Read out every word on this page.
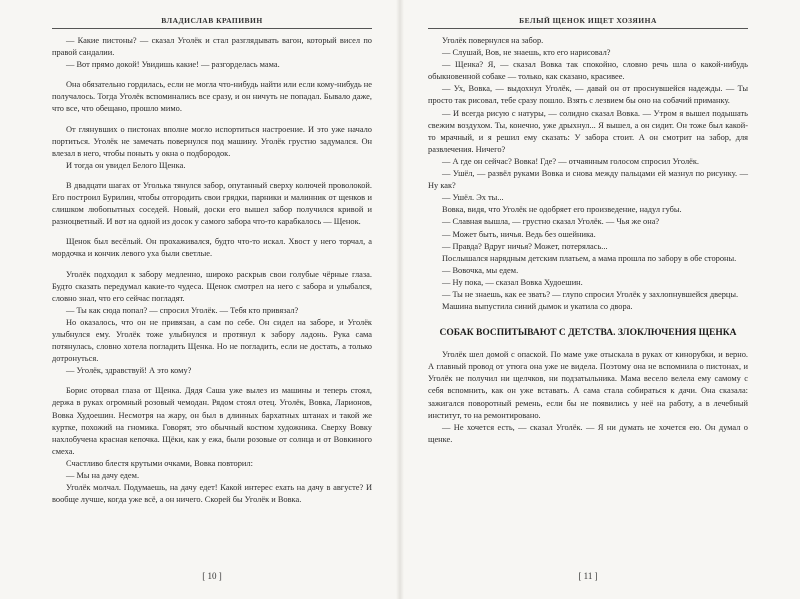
ВЛАДИСЛАВ КРАПИВИН

— Какие пистоны? — сказал Уголёк и стал разглядывать вагон, который висел по правой сандалии.

— Вот прямо докой! Увидишь какие! — разгорделась мама.

Она обязательно гордилась, если не могла что-нибудь найти или если кому-нибудь не получалось. Тогда Уголёк вспоминались все сразу, и он ничуть не попадал. Бывало даже, что все, что обещано, прошло мимо.

От глянувших о пистонах вполне могло испортиться настроение. И это уже начало портиться. Уголёк не замечать повернулся под машину. Уголёк грустно задумался. Он влезал в него, чтобы поныть у окна о подбородок.

И тогда он увидел Белого Щенка.

В двадцати шагах от Уголька тянулся забор, опутанный сверху колючей проволокой. Его построил Бурилин, чтобы отгородить свои грядки, парники и малинник от щенков и слишком любопытных соседей. Новый, доски его вышел забор получился кривой и разноцветный. И вот на одной из досок у самого забора что-то карабкалось — Щенок.

Щенок был весёлый. Он прохаживался, будто что-то искал. Хвост у него торчал, а мордочка и кончик левого уха были светлые.

Уголёк подходил к забору медленно, широко раскрыв свои голубые чёрные глаза. Будто сказать передумал какие-то чудеса. Щенок смотрел на него с забора и улыбался, словно знал, что его сейчас погладят.

— Ты как сюда попал? — спросил Уголёк. — Тебя кто привязал?

Но оказалось, что он не привязан, а сам по себе. Он сидел на заборе, и Уголёк улыбнулся ему. Уголёк тоже улыбнулся и протянул к забору ладонь. Рука сама потянулась, словно хотела погладить Щенка. Но не погладить, если не достать, а только дотронуться.

— Уголёк, здравствуй! А это кому?

Борис оторвал глаза от Щенка. Дядя Саша уже вылез из машины и теперь стоял, держа в руках огромный розовый чемодан. Рядом стоял отец. Уголёк, Вовка, Ларионов, Вовка Худоешин. Несмотря на жару, он был в длинных бархатных штанах и такой же куртке, похожий на гномика. Говорят, это обычный костюм художника. Сверху Вовку нахлобучена красная кепочка. Щёки, как у ежа, были розовые от солнца и от Вовкиного смеха.

Счастливо блестя крутыми очками, Вовка повторил:

— Мы на дачу едем.

Уголёк молчал. Подумаешь, на дачу едет! Какой интерес ехать на дачу в августе? И вообще лучше, когда уже всё, а он ничего. Скорей бы Уголёк и Вовка.

[ 10 ]
БЕЛЫЙ ЩЕНОК ИЩЕТ ХОЗЯИНА

Уголёк повернулся на забор.

— Слушай, Вов, не знаешь, кто его нарисовал?

— Щенка? Я, — сказал Вовка так спокойно, словно речь шла о какой-нибудь обыкновенной собаке — только, как сказано, красивее.

— Ух, Вовка, — выдохнул Уголёк, — давай он от проснувшейся надежды. — Ты просто так рисовал, тебе сразу пошло. Взять с лезвием бы оно на собачий приманку.

— И всегда рисую с натуры, — солидно сказал Вовка. — Утром я вышел подышать свежим воздухом. Ты, конечно, уже дрыхнул... Я вышел, а он сидит. Он тоже был какой-то мрачный, и я решил ему сказать: У забора стоит. А он смотрит на забор, для развлечения. Ничего?

— А где он сейчас? Вовка! Где? — отчаянным голосом спросил Уголёк.

— Ушёл, — развёл руками Вовка и снова между пальцами ей мазнул по рисунку. — Ну как?

— Ушёл. Эх ты...

Вовка, видя, что Уголёк не одобряет его произведение, надул губы.

— Славная вышла, — грустно сказал Уголёк. — Чья же она?

— Может быть, ничья. Ведь без ошейника.

— Правда? Вдруг ничья? Может, потерялась...

Послышался нарядным детским платьем, а мама прошла по забору в обе стороны.

— Вовочка, мы едем.

— Ну пока, — сказал Вовка Худоешин.

— Ты не знаешь, как ее звать? — глупо спросил Уголёк у захлопнувшейся дверцы.

Машина выпустила синий дымок и укатила со двора.

СОБАК ВОСПИТЫВАЮТ С ДЕТСТВА. ЗЛОКЛЮЧЕНИЯ ЩЕНКА

Уголёк шел домой с опаской. По маме уже отыскала в руках от кинорубки, и верно. А главный провод от утюга она уже не видела. Поэтому она не вспомнила о пистонах, и Уголёк не получил ни щелчков, ни подзатыльника. Мама весело велела ему самому с себя вспомнить, как он уже вставать. А сама стала собираться к дачи. Она сказала: зажигался поворотный ремень, если бы не появились у неё на работу, а в лечебный институт, то на ремонтировано.

— Не хочется есть, — сказал Уголёк. — Я ни думать не хочется ею. Он думал о щенке.

[ 11 ]
